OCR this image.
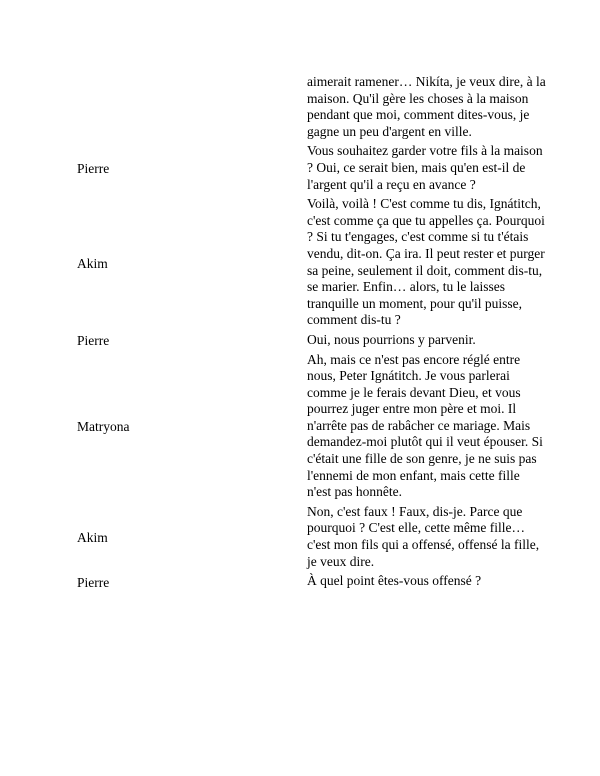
	aimerait ramener… Nikíta, je veux dire, à la maison. Qu'il gère les choses à la maison pendant que moi, comment dites-vous, je gagne un peu d'argent en ville.
Pierre	Vous souhaitez garder votre fils à la maison ? Oui, ce serait bien, mais qu'en est-il de l'argent qu'il a reçu en avance ?
Akim	Voilà, voilà ! C'est comme tu dis, Ignátitch, c'est comme ça que tu appelles ça. Pourquoi ? Si tu t'engages, c'est comme si tu t'étais vendu, dit-on. Ça ira. Il peut rester et purger sa peine, seulement il doit, comment dis-tu, se marier. Enfin… alors, tu le laisses tranquille un moment, pour qu'il puisse, comment dis-tu ?
Pierre	Oui, nous pourrions y parvenir.
Matryona	Ah, mais ce n'est pas encore réglé entre nous, Peter Ignátitch. Je vous parlerai comme je le ferais devant Dieu, et vous pourrez juger entre mon père et moi. Il n'arrête pas de rabâcher ce mariage. Mais demandez-moi plutôt qui il veut épouser. Si c'était une fille de son genre, je ne suis pas l'ennemi de mon enfant, mais cette fille n'est pas honnête.
Akim	Non, c'est faux ! Faux, dis-je. Parce que pourquoi ? C'est elle, cette même fille… c'est mon fils qui a offensé, offensé la fille, je veux dire.
Pierre	À quel point êtes-vous offensé ?
